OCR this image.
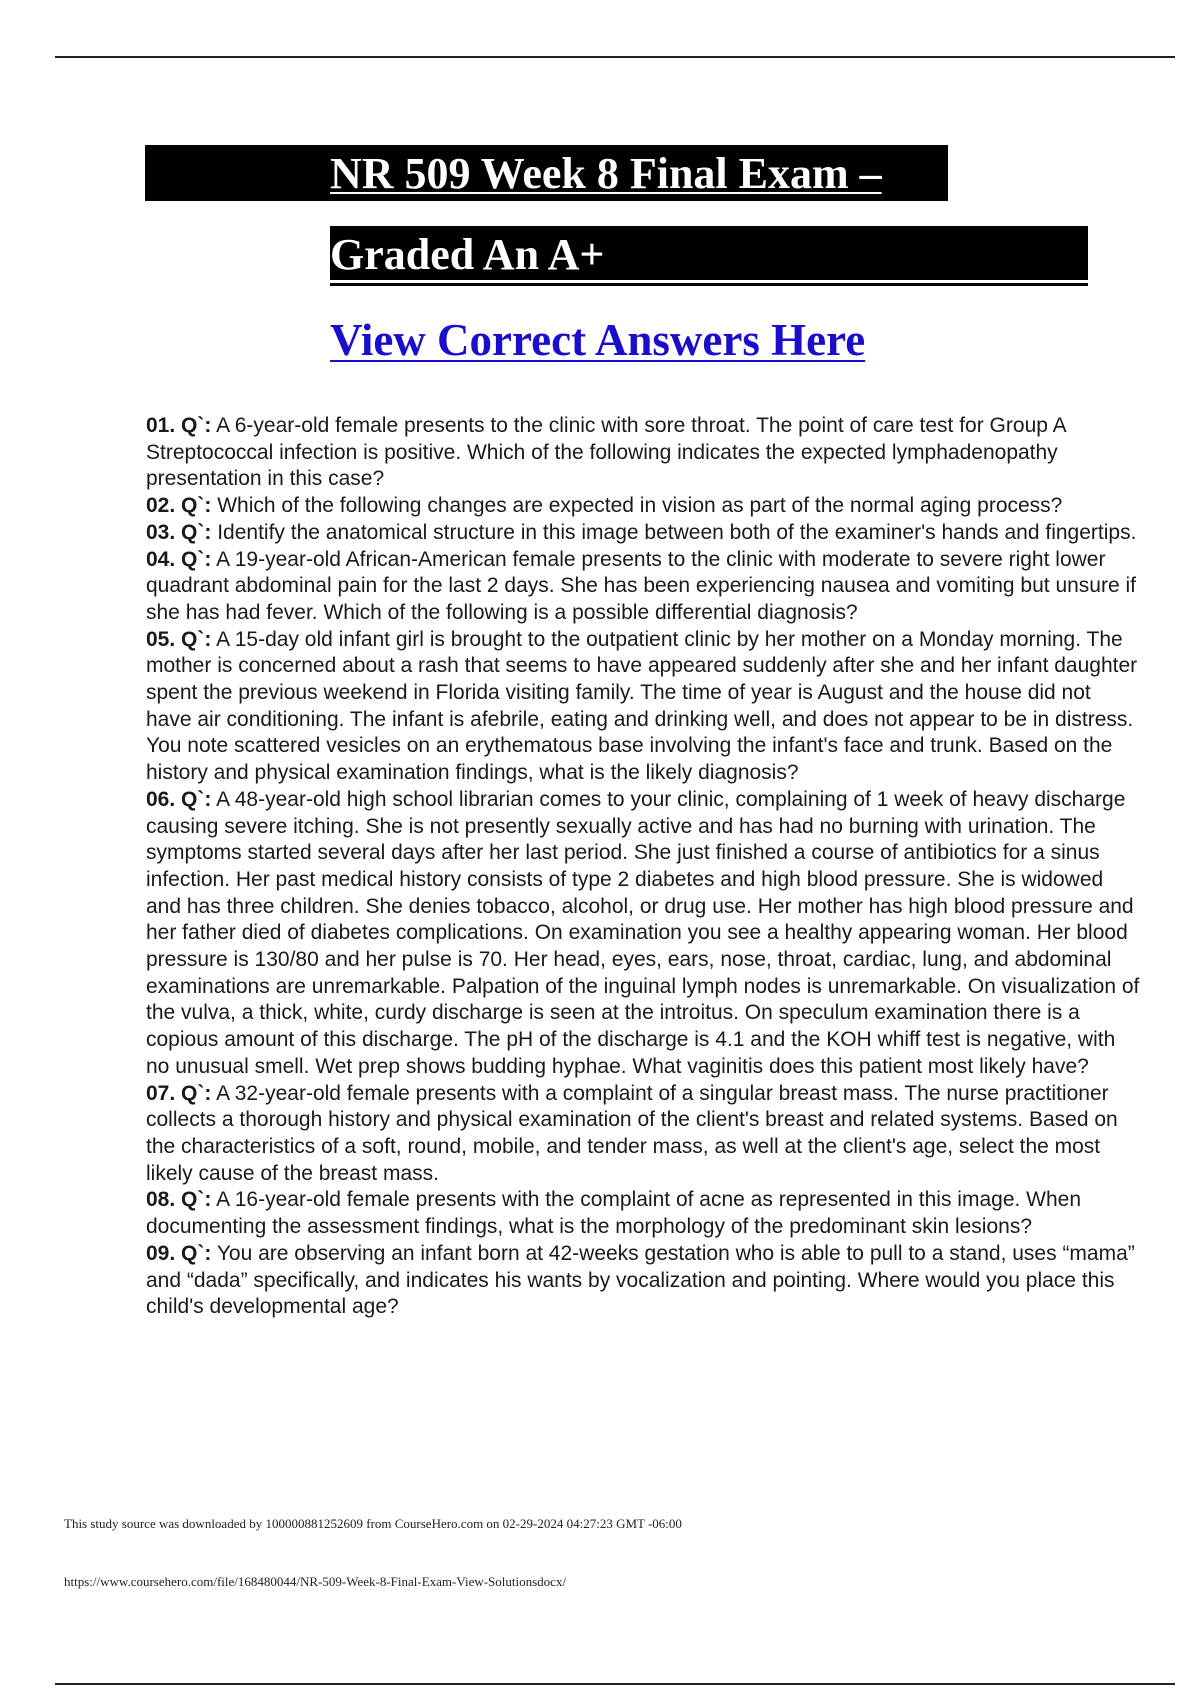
NR 509 Week 8 Final Exam –
Graded An A+
View Correct Answers Here

01. Q`: A 6-year-old female presents to the clinic with sore throat. The point of care test for Group A Streptococcal infection is positive. Which of the following indicates the expected lymphadenopathy presentation in this case?

02. Q`: Which of the following changes are expected in vision as part of the normal aging process?

03. Q`: Identify the anatomical structure in this image between both of the examiner's hands and fingertips.

04. Q`: A 19-year-old African-American female presents to the clinic with moderate to severe right lower quadrant abdominal pain for the last 2 days. She has been experiencing nausea and vomiting but unsure if she has had fever. Which of the following is a possible differential diagnosis?

05. Q`: A 15-day old infant girl is brought to the outpatient clinic by her mother on a Monday morning. The mother is concerned about a rash that seems to have appeared suddenly after she and her infant daughter spent the previous weekend in Florida visiting family. The time of year is August and the house did not have air conditioning. The infant is afebrile, eating and drinking well, and does not appear to be in distress. You note scattered vesicles on an erythematous base involving the infant's face and trunk. Based on the history and physical examination findings, what is the likely diagnosis?

06. Q`: A 48-year-old high school librarian comes to your clinic, complaining of 1 week of heavy discharge causing severe itching. She is not presently sexually active and has had no burning with urination. The symptoms started several days after her last period. She just finished a course of antibiotics for a sinus infection. Her past medical history consists of type 2 diabetes and high blood pressure. She is widowed and has three children. She denies tobacco, alcohol, or drug use. Her mother has high blood pressure and her father died of diabetes complications. On examination you see a healthy appearing woman. Her blood pressure is 130/80 and her pulse is 70. Her head, eyes, ears, nose, throat, cardiac, lung, and abdominal examinations are unremarkable. Palpation of the inguinal lymph nodes is unremarkable. On visualization of the vulva, a thick, white, curdy discharge is seen at the introitus. On speculum examination there is a copious amount of this discharge. The pH of the discharge is 4.1 and the KOH whiff test is negative, with no unusual smell. Wet prep shows budding hyphae. What vaginitis does this patient most likely have?

07. Q`: A 32-year-old female presents with a complaint of a singular breast mass. The nurse practitioner collects a thorough history and physical examination of the client's breast and related systems. Based on the characteristics of a soft, round, mobile, and tender mass, as well at the client's age, select the most likely cause of the breast mass.

08. Q`: A 16-year-old female presents with the complaint of acne as represented in this image. When documenting the assessment findings, what is the morphology of the predominant skin lesions?

09. Q`: You are observing an infant born at 42-weeks gestation who is able to pull to a stand, uses “mama” and “dada” specifically, and indicates his wants by vocalization and pointing. Where would you place this child's developmental age?

This study source was downloaded by 100000881252609 from CourseHero.com on 02-29-2024 04:27:23 GMT -06:00
https://www.coursehero.com/file/168480044/NR-509-Week-8-Final-Exam-View-Solutionsdocx/
